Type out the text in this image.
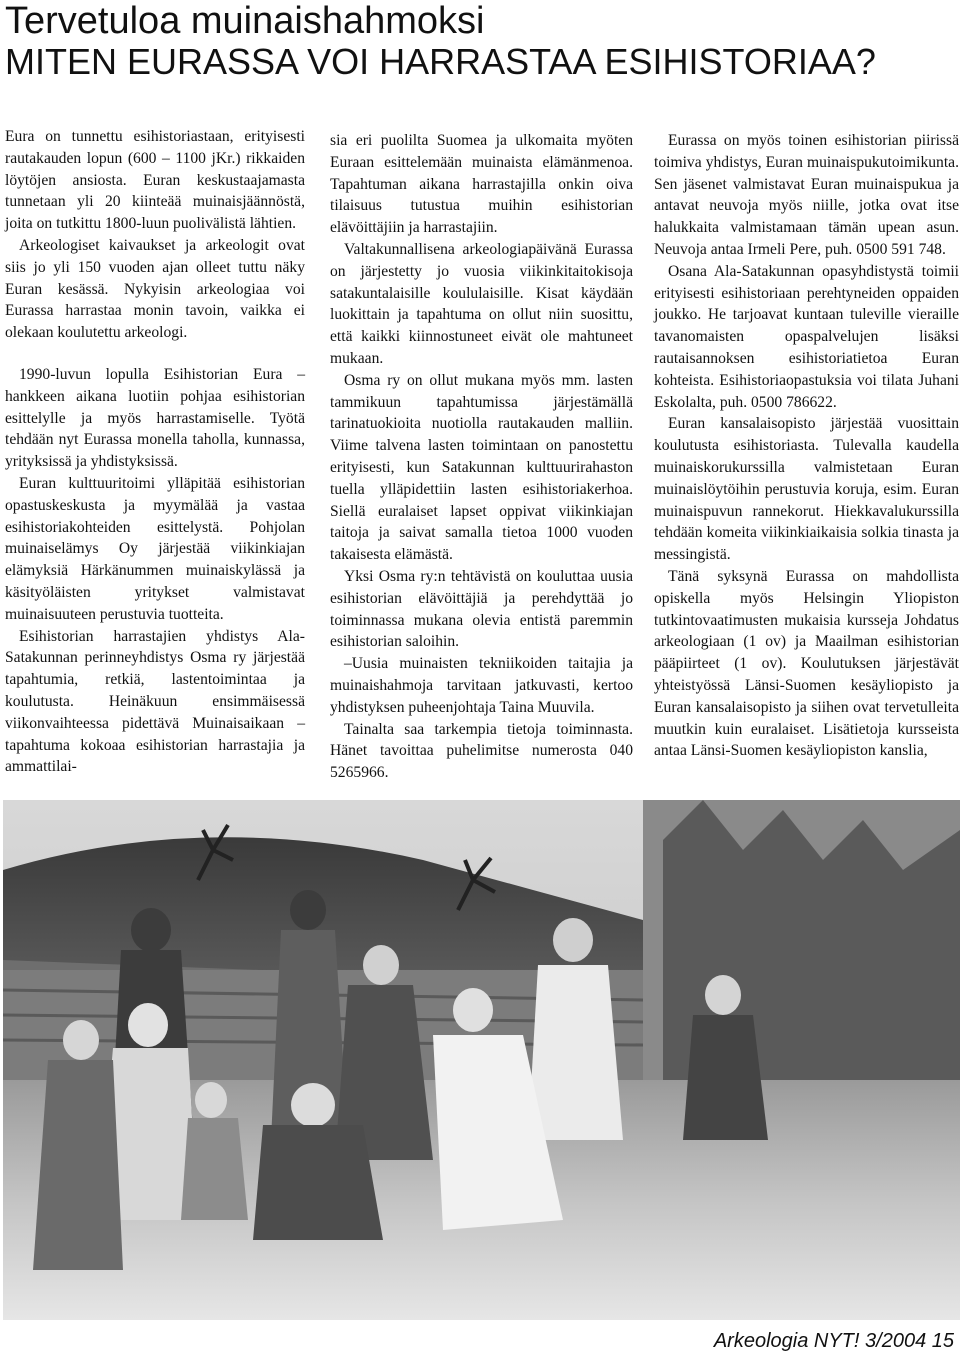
Tervetuloa muinaishahmoksi
MITEN EURASSA VOI HARRASTAA ESIHISTORIAA?

Eura on tunnettu esihistoriastaan, erityisesti rautakauden lopun (600 – 1100 jKr.) rikkaiden löytöjen ansiosta. Euran keskustaajamasta tunnetaan yli 20 kiinteää muinaisjäännöstä, joita on tutkittu 1800-luun puolivälistä lähtien.

Arkeologiset kaivaukset ja arkeologit ovat siis jo yli 150 vuoden ajan olleet tuttu näky Euran kesässä. Nykyisin arkeologiaa voi Eurassa harrastaa monin tavoin, vaikka ei olekaan koulutettu arkeologi.

1990-luvun lopulla Esihistorian Eura –hankkeen aikana luotiin pohjaa esihistorian esittelylle ja myös harrastamiselle. Työtä tehdään nyt Eurassa monella taholla, kunnassa, yrityksissä ja yhdistyksissä.

Euran kulttuuritoimi ylläpitää esihistorian opastuskeskusta ja myymälää ja vastaa esihistoriakohteiden esittelystä. Pohjolan muinaiselämys Oy järjestää viikinkiajan elämyksiä Härkänummen muinaiskylässä ja käsityöläisten yritykset valmistavat muinaisuuteen perustuvia tuotteita.

Esihistorian harrastajien yhdistys Ala-Satakunnan perinneyhdistys Osma ry järjestää tapahtumia, retkiä, lastentoimintaa ja koulutusta. Heinäkuun ensimmäisessä viikonvaihteessa pidettävä Muinaisaikaan –tapahtuma kokoaa esihistorian harrastajia ja ammattilai-

sia eri puolilta Suomea ja ulkomaita myöten Euraan esittelemään muinaista elämänmenoa. Tapahtuman aikana harrastajilla onkin oiva tilaisuus tutustua muihin esihistorian elävöittäjiin ja harrastajiin.

Valtakunnallisena arkeologiapäivänä Eurassa on järjestetty jo vuosia viikinkitaitokisoja satakuntalaisille koululaisille. Kisat käydään luokittain ja tapahtuma on ollut niin suosittu, että kaikki kiinnostuneet eivät ole mahtuneet mukaan.

Osma ry on ollut mukana myös mm. lasten tammikuun tapahtumissa järjestämällä tarinatuokioita nuotiolla rautakauden malliin. Viime talvena lasten toimintaan on panostettu erityisesti, kun Satakunnan kulttuurirahaston tuella ylläpidettiin lasten esihistoriakerhoa. Siellä euralaiset lapset oppivat viikinkiajan taitoja ja saivat samalla tietoa 1000 vuoden takaisesta elämästä.

Yksi Osma ry:n tehtävistä on kouluttaa uusia esihistorian elävöittäjiä ja perehdyttää jo toiminnassa mukana olevia entistä paremmin esihistorian saloihin.

–Uusia muinaisten tekniikoiden taitajia ja muinaishahmoja tarvitaan jatkuvasti, kertoo yhdistyksen puheenjohtaja Taina Muuvila.

Tainalta saa tarkempia tietoja toiminnasta. Hänet tavoittaa puhelimitse numerosta 040 5265966.

Eurassa on myös toinen esihistorian piirissä toimiva yhdistys, Euran muinaispukutoimikunta. Sen jäsenet valmistavat Euran muinaispukua ja antavat neuvoja myös niille, jotka ovat itse halukkaita valmistamaan tämän upean asun. Neuvoja antaa Irmeli Pere, puh. 0500 591 748.

Osana Ala-Satakunnan opasyhdistystä toimii erityisesti esihistoriaan perehtyneiden oppaiden joukko. He tarjoavat kuntaan tuleville vieraille tavanomaisten opaspalvelujen lisäksi rautaisannoksen esihistoriatietoa Euran kohteista. Esihistoriaopastuksia voi tilata Juhani Eskolalta, puh. 0500 786622.

Euran kansalaisopisto järjestää vuosittain koulutusta esihistoriasta. Tulevalla kaudella muinaiskorukurssilla valmistetaan Euran muinaislöytöihin perustuvia koruja, esim. Euran muinaispuvun rannekorut. Hiekkavalukurssilla tehdään komeita viikinkiaikaisia solkia tinasta ja messingistä.

Tänä syksynä Eurassa on mahdollista opiskella myös Helsingin Yliopiston tutkintovaatimusten mukaisia kursseja Johdatus arkeologiaan (1 ov) ja Maailman esihistorian pääpiirteet (1 ov). Koulutuksen järjestävät yhteistyössä Länsi-Suomen kesäyliopisto ja Euran kansalaisopisto ja siihen ovat tervetulleita muutkin kuin euralaiset. Lisätietoja kursseista antaa Länsi-Suomen kesäyliopiston kanslia,

Arkeologia NYT! 3/2004 15
